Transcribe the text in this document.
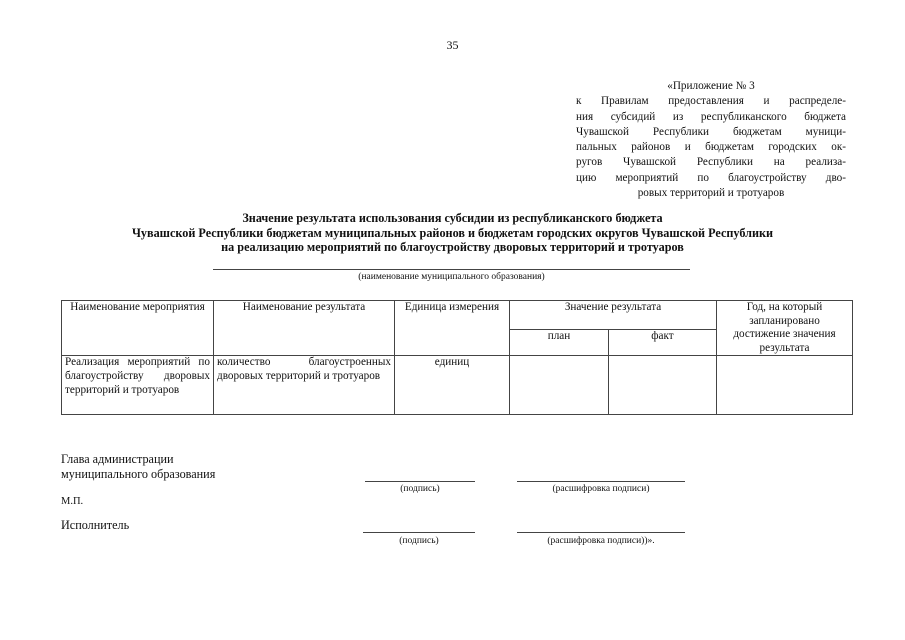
35
«Приложение № 3
к Правилам предоставления и распределе-
ния субсидий из республиканского бюджета
Чувашской Республики бюджетам муници-
пальных районов и бюджетам городских ок-
ругов Чувашской Республики на реализа-
цию мероприятий по благоустройству дво-
ровых территорий и тротуаров
Значение результата использования субсидии из республиканского бюджета
Чувашской Республики бюджетам муниципальных районов и бюджетам городских округов Чувашской Республики
на реализацию мероприятий по благоустройству дворовых территорий и тротуаров
(наименование муниципального образования)
Наименование мероприятия	Наименование результата	Единица измерения	Значение результата		Год, на который запланировано достижение значения результата
			план	факт	
Реализация мероприятий по благоустройству дворовых территорий и тротуаров	количество благоустроенных дворовых территорий и тротуаров	единиц			
Глава администрации
муниципального образования
(подпись)	(расшифровка подписи)
М.П.
Исполнитель
(подпись)	(расшифровка подписи))».
